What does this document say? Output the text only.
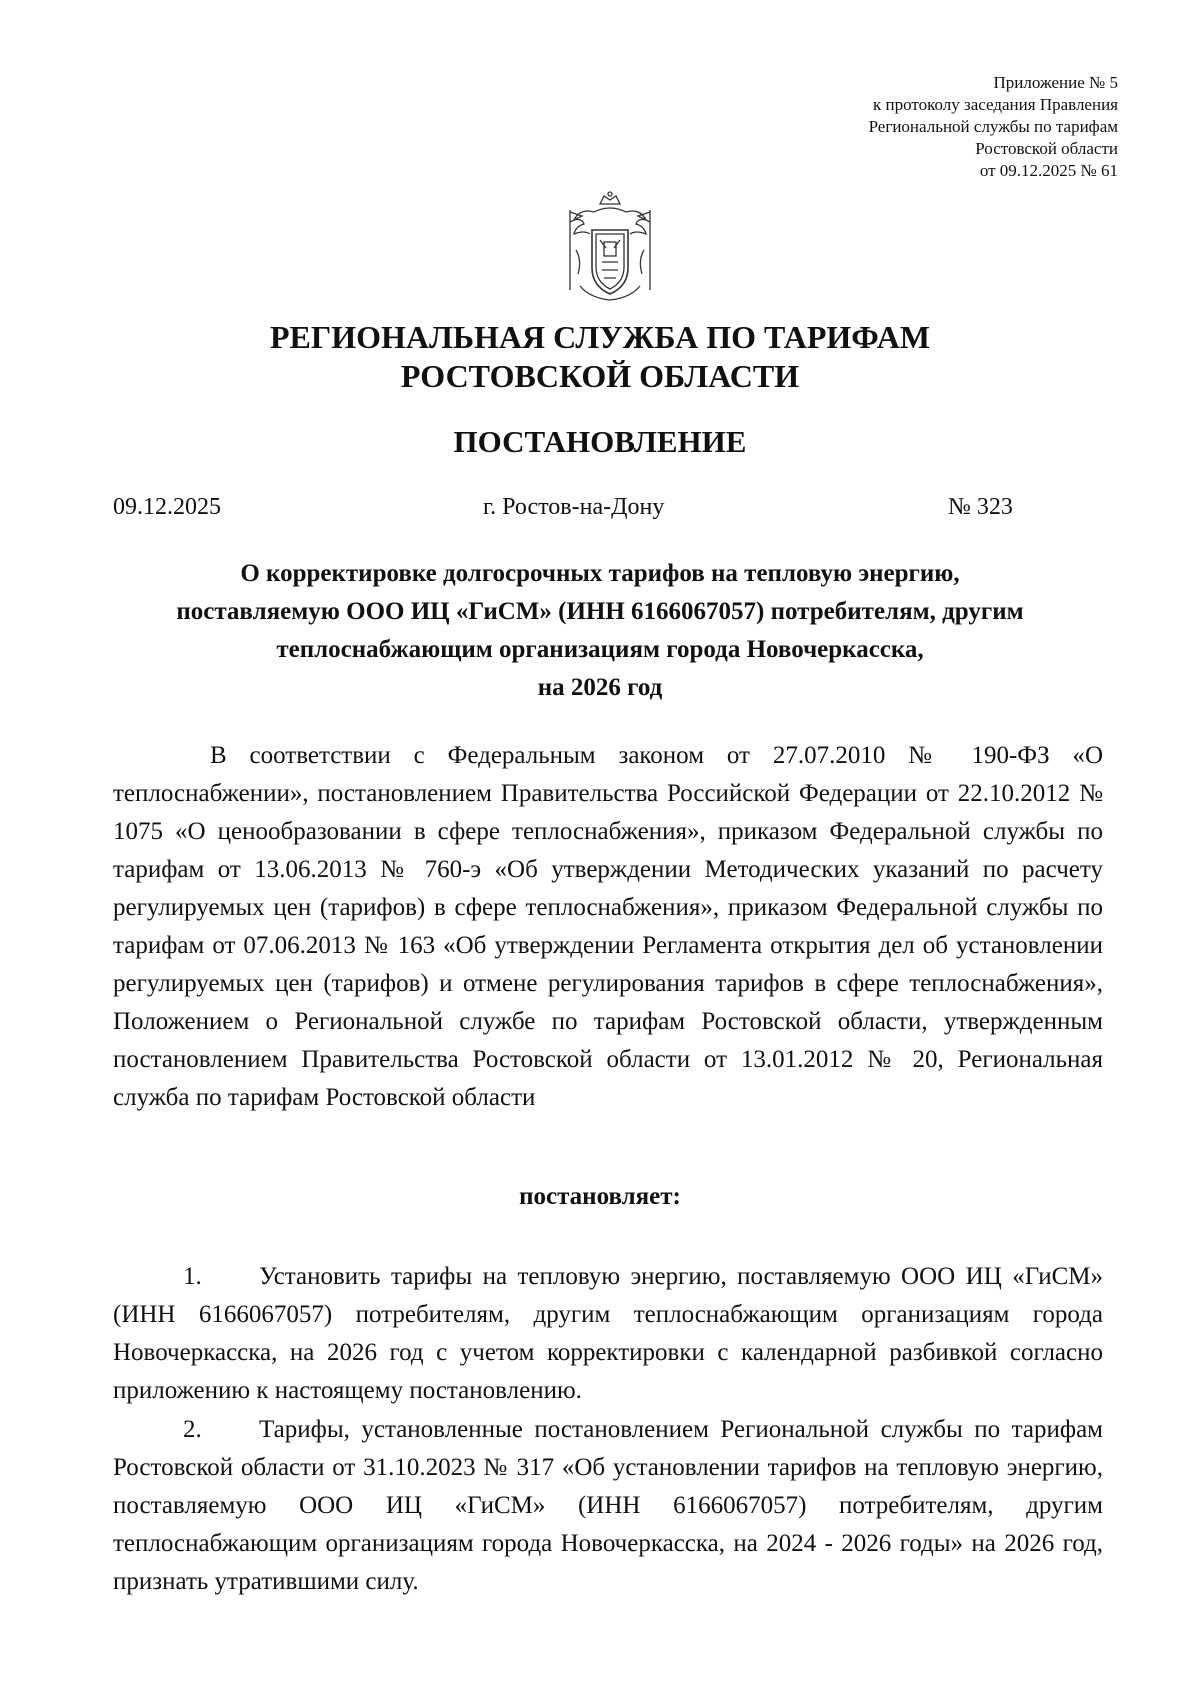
Приложение № 5
к протоколу заседания Правления
Региональной службы по тарифам
Ростовской области
от 09.12.2025 № 61
РЕГИОНАЛЬНАЯ СЛУЖБА ПО ТАРИФАМ
РОСТОВСКОЙ ОБЛАСТИ
ПОСТАНОВЛЕНИЕ
09.12.2025	г. Ростов-на-Дону	№ 323
О корректировке долгосрочных тарифов на тепловую энергию,
поставляемую ООО ИЦ «ГиСМ» (ИНН 6166067057) потребителям, другим
теплоснабжающим организациям города Новочеркасска,
на 2026 год
В соответствии с Федеральным законом от 27.07.2010 № 190-ФЗ «О теплоснабжении», постановлением Правительства Российской Федерации от 22.10.2012 № 1075 «О ценообразовании в сфере теплоснабжения», приказом Федеральной службы по тарифам от 13.06.2013 № 760-э «Об утверждении Методических указаний по расчету регулируемых цен (тарифов) в сфере теплоснабжения», приказом Федеральной службы по тарифам от 07.06.2013 № 163 «Об утверждении Регламента открытия дел об установлении регулируемых цен (тарифов) и отмене регулирования тарифов в сфере теплоснабжения», Положением о Региональной службе по тарифам Ростовской области, утвержденным постановлением Правительства Ростовской области от 13.01.2012 № 20, Региональная служба по тарифам Ростовской области
постановляет:
1. Установить тарифы на тепловую энергию, поставляемую ООО ИЦ «ГиСМ» (ИНН 6166067057) потребителям, другим теплоснабжающим организациям города Новочеркасска, на 2026 год с учетом корректировки с календарной разбивкой согласно приложению к настоящему постановлению.
2. Тарифы, установленные постановлением Региональной службы по тарифам Ростовской области от 31.10.2023 № 317 «Об установлении тарифов на тепловую энергию, поставляемую ООО ИЦ «ГиСМ» (ИНН 6166067057) потребителям, другим теплоснабжающим организациям города Новочеркасска, на 2024 - 2026 годы» на 2026 год, признать утратившими силу.
